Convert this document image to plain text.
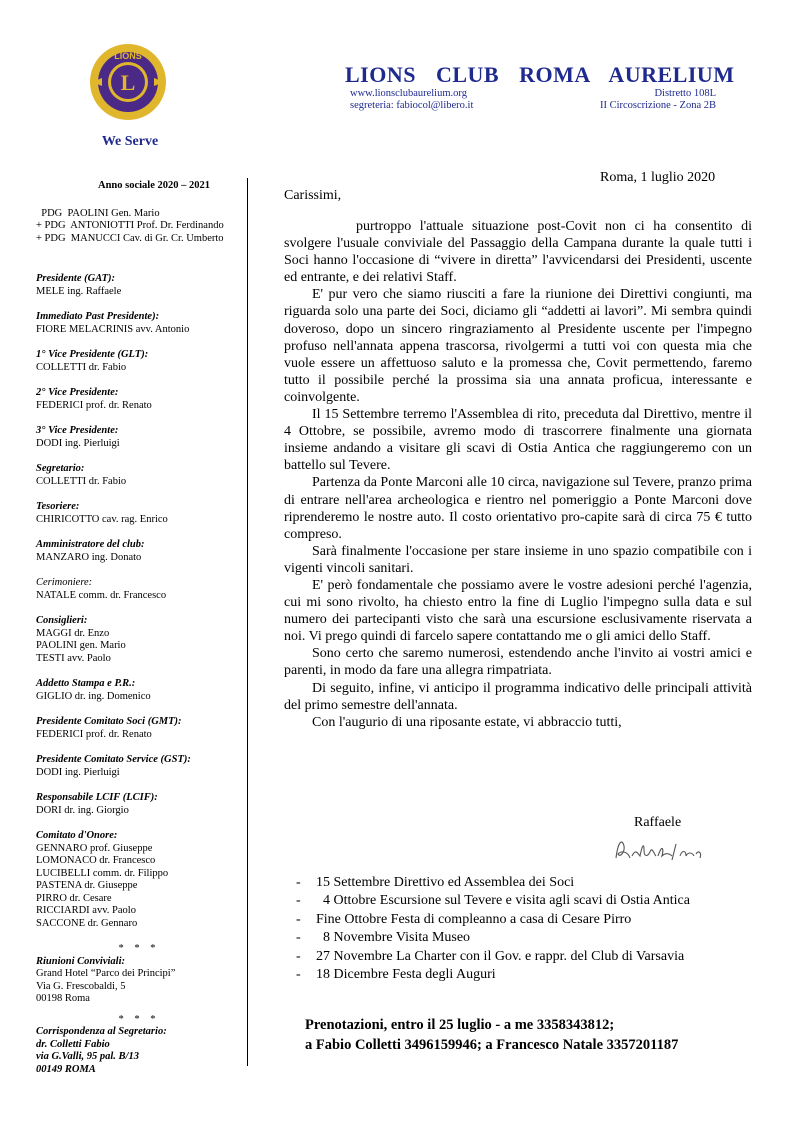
L
LIONS
We Serve
LIONS CLUB ROMA AURELIUM
www.lionsclubaurelium.org
segreteria: fabiocol@libero.it
Distretto 108L
II Circoscrizione - Zona 2B
Anno sociale 2020 – 2021
PDG  PAOLINI Gen. Mario
+ PDG  ANTONIOTTI Prof. Dr. Ferdinando
+ PDG  MANUCCI Cav. di Gr. Cr. Umberto
Presidente (GAT):
MELE ing. Raffaele
Immediato Past Presidente):
FIORE MELACRINIS avv. Antonio
1° Vice Presidente (GLT):
COLLETTI dr. Fabio
2° Vice Presidente:
FEDERICI prof. dr. Renato
3° Vice Presidente:
DODI ing. Pierluigi
Segretario:
COLLETTI dr. Fabio
Tesoriere:
CHIRICOTTO cav. rag. Enrico
Amministratore del club:
MANZARO ing. Donato
Cerimoniere:
NATALE comm. dr. Francesco
Consiglieri:
MAGGI dr. Enzo
PAOLINI gen. Mario
TESTI avv. Paolo
Addetto Stampa e P.R.:
GIGLIO dr. ing. Domenico
Presidente Comitato Soci (GMT):
FEDERICI prof. dr. Renato
Presidente Comitato Service (GST):
DODI ing. Pierluigi
Responsabile LCIF (LCIF):
DORI dr. ing. Giorgio
Comitato d'Onore:
GENNARO prof. Giuseppe
LOMONACO dr. Francesco
LUCIBELLI comm. dr. Filippo
PASTENA dr. Giuseppe
PIRRO dr. Cesare
RICCIARDI avv. Paolo
SACCONE dr. Gennaro
* * *
Riunioni Conviviali:
Grand Hotel “Parco dei Principi”
Via G. Frescobaldi, 5
00198 Roma
* * *
Corrispondenza al Segretario:
dr. Colletti Fabio
via G.Valli, 95 pal. B/13
00149 ROMA
Roma, 1 luglio 2020
Carissimi,

purtroppo l'attuale situazione post-Covit non ci ha consentito di svolgere l'usuale conviviale del Passaggio della Campana durante la quale tutti i Soci hanno l'occasione di “vivere in diretta” l'avvicendarsi dei Presidenti, uscente ed entrante, e dei relativi Staff.

E' pur vero che siamo riusciti a fare la riunione dei Direttivi congiunti, ma riguarda solo una parte dei Soci, diciamo gli “addetti ai lavori”. Mi sembra quindi doveroso, dopo un sincero ringraziamento al Presidente uscente per l'impegno profuso nell'annata appena trascorsa, rivolgermi a tutti voi con questa mia che vuole essere un affettuoso saluto e la promessa che, Covit permettendo, faremo tutto il possibile perché la prossima sia una annata proficua, interessante e coinvolgente.

Il 15 Settembre terremo l'Assemblea di rito, preceduta dal Direttivo, mentre il 4 Ottobre, se possibile, avremo modo di trascorrere finalmente una giornata insieme andando a visitare gli scavi di Ostia Antica che raggiungeremo con un battello sul Tevere.

Partenza da Ponte Marconi alle 10 circa, navigazione sul Tevere, pranzo prima di entrare nell'area archeologica e rientro nel pomeriggio a Ponte Marconi dove riprenderemo le nostre auto. Il costo orientativo pro-capite sarà di circa 75 € tutto compreso.

Sarà finalmente l'occasione per stare insieme in uno spazio compatibile con i vigenti vincoli sanitari.

E' però fondamentale che possiamo avere le vostre adesioni perché l'agenzia, cui mi sono rivolto, ha chiesto entro la fine di Luglio l'impegno sulla data e sul numero dei partecipanti visto che sarà una escursione esclusivamente riservata a noi. Vi prego quindi di farcelo sapere contattando me o gli amici dello Staff.

Sono certo che saremo numerosi, estendendo anche l'invito ai vostri amici e parenti, in modo da fare una allegra rimpatriata.

Di seguito, infine, vi anticipo il programma indicativo delle principali attività del primo semestre dell'annata.

Con l'augurio di una riposante estate, vi abbraccio tutti,

Raffaele
- 15 Settembre Direttivo ed Assemblea dei Soci
-  4 Ottobre Escursione sul Tevere e visita agli scavi di Ostia Antica
- Fine Ottobre Festa di compleanno a casa di Cesare Pirro
-  8 Novembre Visita Museo
- 27 Novembre La Charter con il Gov. e rappr. del Club di Varsavia
- 18 Dicembre Festa degli Auguri
Prenotazioni, entro il 25 luglio - a me 3358343812;
a Fabio Colletti 3496159946; a Francesco Natale 3357201187
